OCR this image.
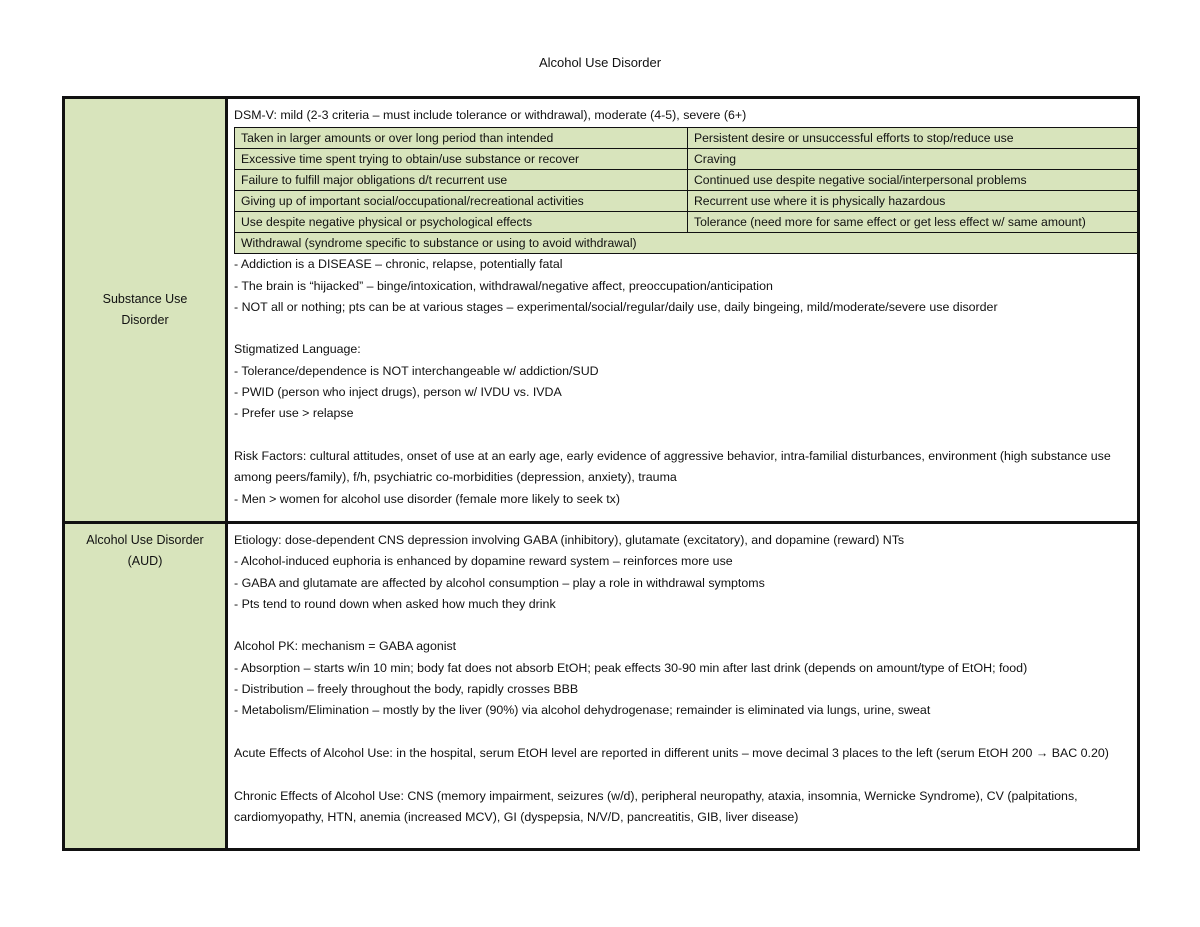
Alcohol Use Disorder
Substance Use
Disorder

DSM-V: mild (2-3 criteria – must include tolerance or withdrawal), moderate (4-5), severe (6+)
Taken in larger amounts or over long period than intended	Persistent desire or unsuccessful efforts to stop/reduce use
Excessive time spent trying to obtain/use substance or recover	Craving
Failure to fulfill major obligations d/t recurrent use	Continued use despite negative social/interpersonal problems
Giving up of important social/occupational/recreational activities	Recurrent use where it is physically hazardous
Use despite negative physical or psychological effects	Tolerance (need more for same effect or get less effect w/ same amount)
Withdrawal (syndrome specific to substance or using to avoid withdrawal)
- Addiction is a DISEASE – chronic, relapse, potentially fatal
- The brain is “hijacked” – binge/intoxication, withdrawal/negative affect, preoccupation/anticipation
- NOT all or nothing; pts can be at various stages – experimental/social/regular/daily use, daily bingeing, mild/moderate/severe use disorder
Stigmatized Language:
- Tolerance/dependence is NOT interchangeable w/ addiction/SUD
- PWID (person who inject drugs), person w/ IVDU vs. IVDA
- Prefer use > relapse
Risk Factors: cultural attitudes, onset of use at an early age, early evidence of aggressive behavior, intra-familial disturbances, environment (high substance use among peers/family), f/h, psychiatric co-morbidities (depression, anxiety), trauma
- Men > women for alcohol use disorder (female more likely to seek tx)

Alcohol Use Disorder
(AUD)

Etiology: dose-dependent CNS depression involving GABA (inhibitory), glutamate (excitatory), and dopamine (reward) NTs
- Alcohol-induced euphoria is enhanced by dopamine reward system – reinforces more use
- GABA and glutamate are affected by alcohol consumption – play a role in withdrawal symptoms
- Pts tend to round down when asked how much they drink
Alcohol PK: mechanism = GABA agonist
- Absorption – starts w/in 10 min; body fat does not absorb EtOH; peak effects 30-90 min after last drink (depends on amount/type of EtOH; food)
- Distribution – freely throughout the body, rapidly crosses BBB
- Metabolism/Elimination – mostly by the liver (90%) via alcohol dehydrogenase; remainder is eliminated via lungs, urine, sweat
Acute Effects of Alcohol Use: in the hospital, serum EtOH level are reported in different units – move decimal 3 places to the left (serum EtOH 200 → BAC 0.20)
Chronic Effects of Alcohol Use: CNS (memory impairment, seizures (w/d), peripheral neuropathy, ataxia, insomnia, Wernicke Syndrome), CV (palpitations, cardiomyopathy, HTN, anemia (increased MCV), GI (dyspepsia, N/V/D, pancreatitis, GIB, liver disease)
